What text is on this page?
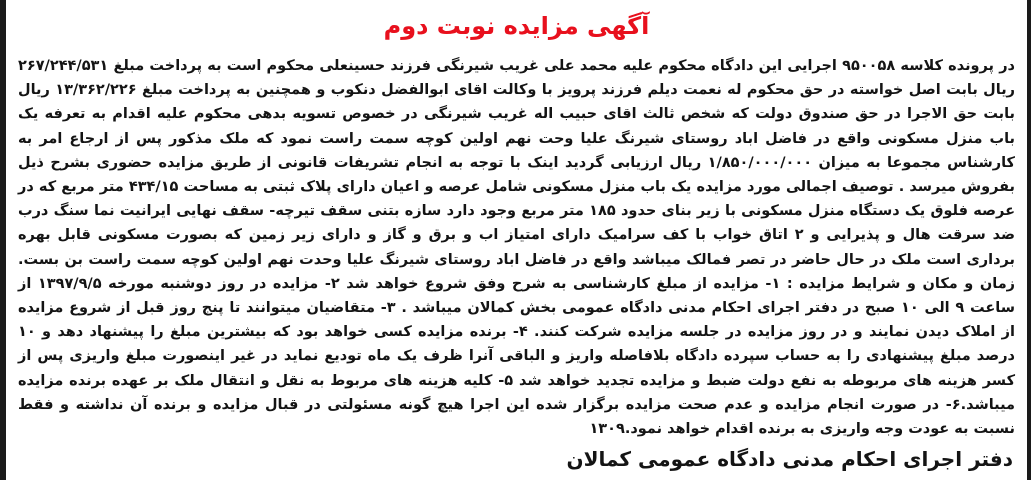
آگهی مزایده نوبت دوم

در پرونده کلاسه ۹۵۰۰۵۸ اجرایی این دادگاه محکوم علیه محمد علی غریب شیرنگی فرزند حسینعلی محکوم است به پرداخت مبلغ ۲۶۷/۲۴۴/۵۳۱ ریال بابت اصل خواسته در حق محکوم له نعمت دیلم فرزند پرویز با وکالت اقای ابوالفضل دنکوب و همچنین به پرداخت مبلغ ۱۳/۳۶۲/۲۲۶ ریال بابت حق الاجرا در حق صندوق دولت که شخص ثالث اقای حبیب اله غریب شیرنگی در خصوص تسویه بدهی محکوم علیه اقدام به تعرفه یک باب منزل مسکونی واقع در فاضل اباد روستای شیرنگ علیا وحت نهم اولین کوچه سمت راست نمود که ملک مذکور پس از ارجاع امر به کارشناس مجموعا به میزان ۱/۸۵۰/۰۰۰/۰۰۰ ریال ارزیابی گردید اینک با توجه به انجام تشریفات قانونی از طریق مزایده حضوری بشرح ذیل بفروش میرسد . توصیف اجمالی مورد مزایده یک باب منزل مسکونی شامل عرصه و اعیان دارای پلاک ثبتی به مساحت ۴۳۴/۱۵ متر مربع که در عرصه فلوق یک دستگاه منزل مسکونی با زیر بنای حدود ۱۸۵ متر مربع وجود دارد سازه بتنی سقف تیرچه- سقف نهایی ایرانیت نما سنگ درب ضد سرقت هال و پذیرایی و ۲ اتاق خواب با کف سرامیک دارای امتیاز اب و برق و گاز و دارای زیر زمین که بصورت مسکونی قابل بهره برداری است ملک در حال حاضر در تصر فمالک میباشد واقع در فاضل اباد روستای شیرنگ علیا وحدت نهم اولین کوچه سمت راست بن بست. زمان و مکان و شرایط مزایده : ۱- مزایده از مبلغ کارشناسی به شرح وفق شروع خواهد شد ۲- مزایده در روز دوشنبه مورخه ۱۳۹۷/۹/۵ از ساعت ۹ الی ۱۰ صبح در دفتر اجرای احکام مدنی دادگاه عمومی بخش کمالان میباشد . ۳- متقاضیان میتوانند تا پنج روز قبل از شروع مزایده از املاک دیدن نمایند و در روز مزایده در جلسه مزایده شرکت کنند. ۴- برنده مزایده کسی خواهد بود که بیشترین مبلغ را پیشنهاد دهد و ۱۰ درصد مبلغ پیشنهادی را به حساب سپرده دادگاه بلافاصله واریز و الباقی آنرا ظرف یک ماه تودیع نماید در غیر اینصورت مبلغ واریزی پس از کسر هزینه های مربوطه به نفع دولت ضبط و مزایده تجدید خواهد شد ۵- کلیه هزینه های مربوط به نقل و انتقال ملک بر عهده برنده مزایده میباشد.۶- در صورت انجام مزایده و عدم صحت مزایده برگزار شده این اجرا هیچ گونه مسئولتی در قبال مزایده و برنده آن نداشته و فقط نسبت به عودت وجه واریزی به برنده اقدام خواهد نمود.۱۳۰۹

دفتر اجرای احکام مدنی دادگاه عمومی کمالان
